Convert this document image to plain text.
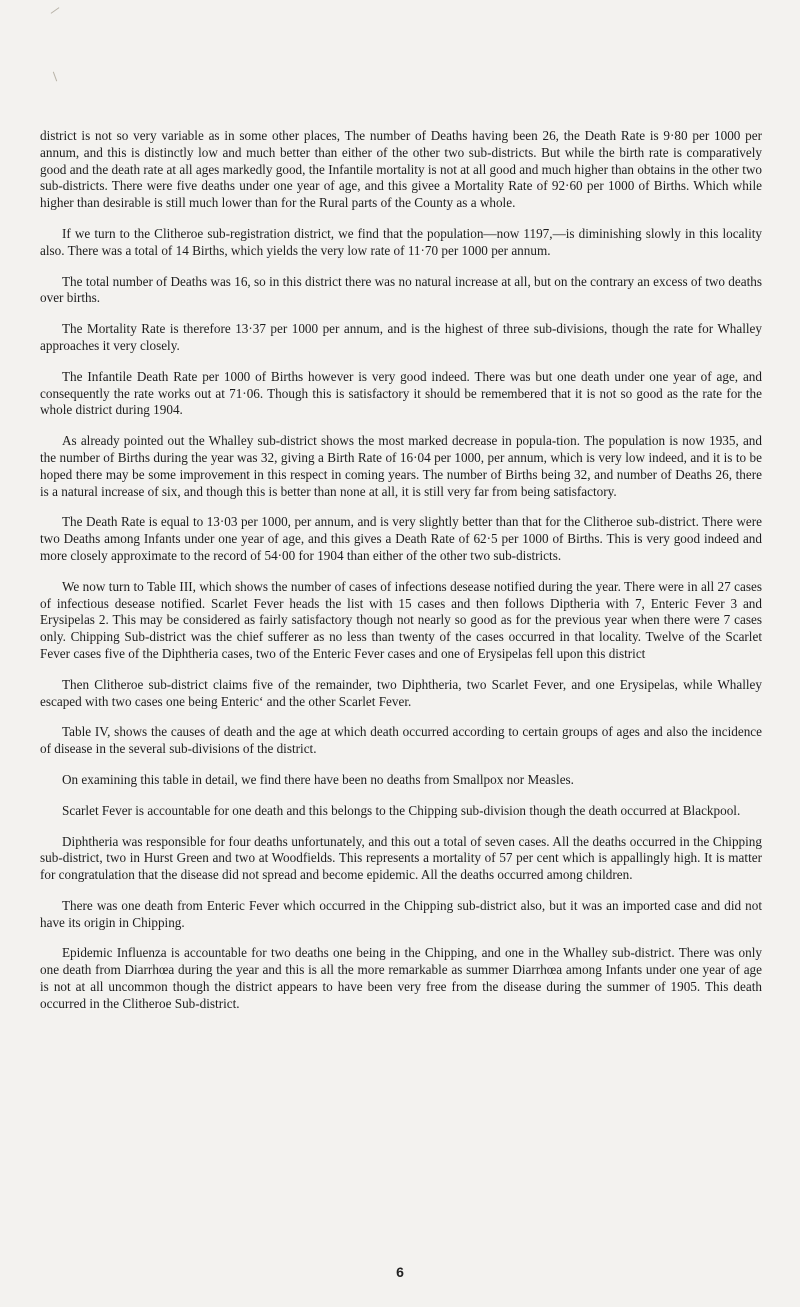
district is not so very variable as in some other places, The number of Deaths having been 26, the Death Rate is 9·80 per 1000 per annum, and this is distinctly low and much better than either of the other two sub-districts. But while the birth rate is comparatively good and the death rate at all ages markedly good, the Infantile mortality is not at all good and much higher than obtains in the other two sub-districts. There were five deaths under one year of age, and this givee a Mortality Rate of 92·60 per 1000 of Births. Which while higher than desirable is still much lower than for the Rural parts of the County as a whole.

If we turn to the Clitheroe sub-registration district, we find that the population—now 1197,—is diminishing slowly in this locality also. There was a total of 14 Births, which yields the very low rate of 11·70 per 1000 per annum.

The total number of Deaths was 16, so in this district there was no natural increase at all, but on the contrary an excess of two deaths over births.

The Mortality Rate is therefore 13·37 per 1000 per annum, and is the highest of three sub-divisions, though the rate for Whalley approaches it very closely.

The Infantile Death Rate per 1000 of Births however is very good indeed. There was but one death under one year of age, and consequently the rate works out at 71·06. Though this is satisfactory it should be remembered that it is not so good as the rate for the whole district during 1904.

As already pointed out the Whalley sub-district shows the most marked decrease in popula-tion. The population is now 1935, and the number of Births during the year was 32, giving a Birth Rate of 16·04 per 1000, per annum, which is very low indeed, and it is to be hoped there may be some improvement in this respect in coming years. The number of Births being 32, and number of Deaths 26, there is a natural increase of six, and though this is better than none at all, it is still very far from being satisfactory.

The Death Rate is equal to 13·03 per 1000, per annum, and is very slightly better than that for the Clitheroe sub-district. There were two Deaths among Infants under one year of age, and this gives a Death Rate of 62·5 per 1000 of Births. This is very good indeed and more closely approximate to the record of 54·00 for 1904 than either of the other two sub-districts.

We now turn to Table III, which shows the number of cases of infections desease notified during the year. There were in all 27 cases of infectious desease notified. Scarlet Fever heads the list with 15 cases and then follows Diptheria with 7, Enteric Fever 3 and Erysipelas 2. This may be considered as fairly satisfactory though not nearly so good as for the previous year when there were 7 cases only. Chipping Sub-district was the chief sufferer as no less than twenty of the cases occurred in that locality. Twelve of the Scarlet Fever cases five of the Diphtheria cases, two of the Enteric Fever cases and one of Erysipelas fell upon this district

Then Clitheroe sub-district claims five of the remainder, two Diphtheria, two Scarlet Fever, and one Erysipelas, while Whalley escaped with two cases one being Enteric‘ and the other Scarlet Fever.

Table IV, shows the causes of death and the age at which death occurred according to certain groups of ages and also the incidence of disease in the several sub-divisions of the district.

On examining this table in detail, we find there have been no deaths from Smallpox nor Measles.

Scarlet Fever is accountable for one death and this belongs to the Chipping sub-division though the death occurred at Blackpool.

Diphtheria was responsible for four deaths unfortunately, and this out a total of seven cases. All the deaths occurred in the Chipping sub-district, two in Hurst Green and two at Woodfields. This represents a mortality of 57 per cent which is appallingly high. It is matter for congratulation that the disease did not spread and become epidemic. All the deaths occurred among children.

There was one death from Enteric Fever which occurred in the Chipping sub-district also, but it was an imported case and did not have its origin in Chipping.

Epidemic Influenza is accountable for two deaths one being in the Chipping, and one in the Whalley sub-district. There was only one death from Diarrhœa during the year and this is all the more remarkable as summer Diarrhœa among Infants under one year of age is not at all uncommon though the district appears to have been very free from the disease during the summer of 1905. This death occurred in the Clitheroe Sub-district.

6
